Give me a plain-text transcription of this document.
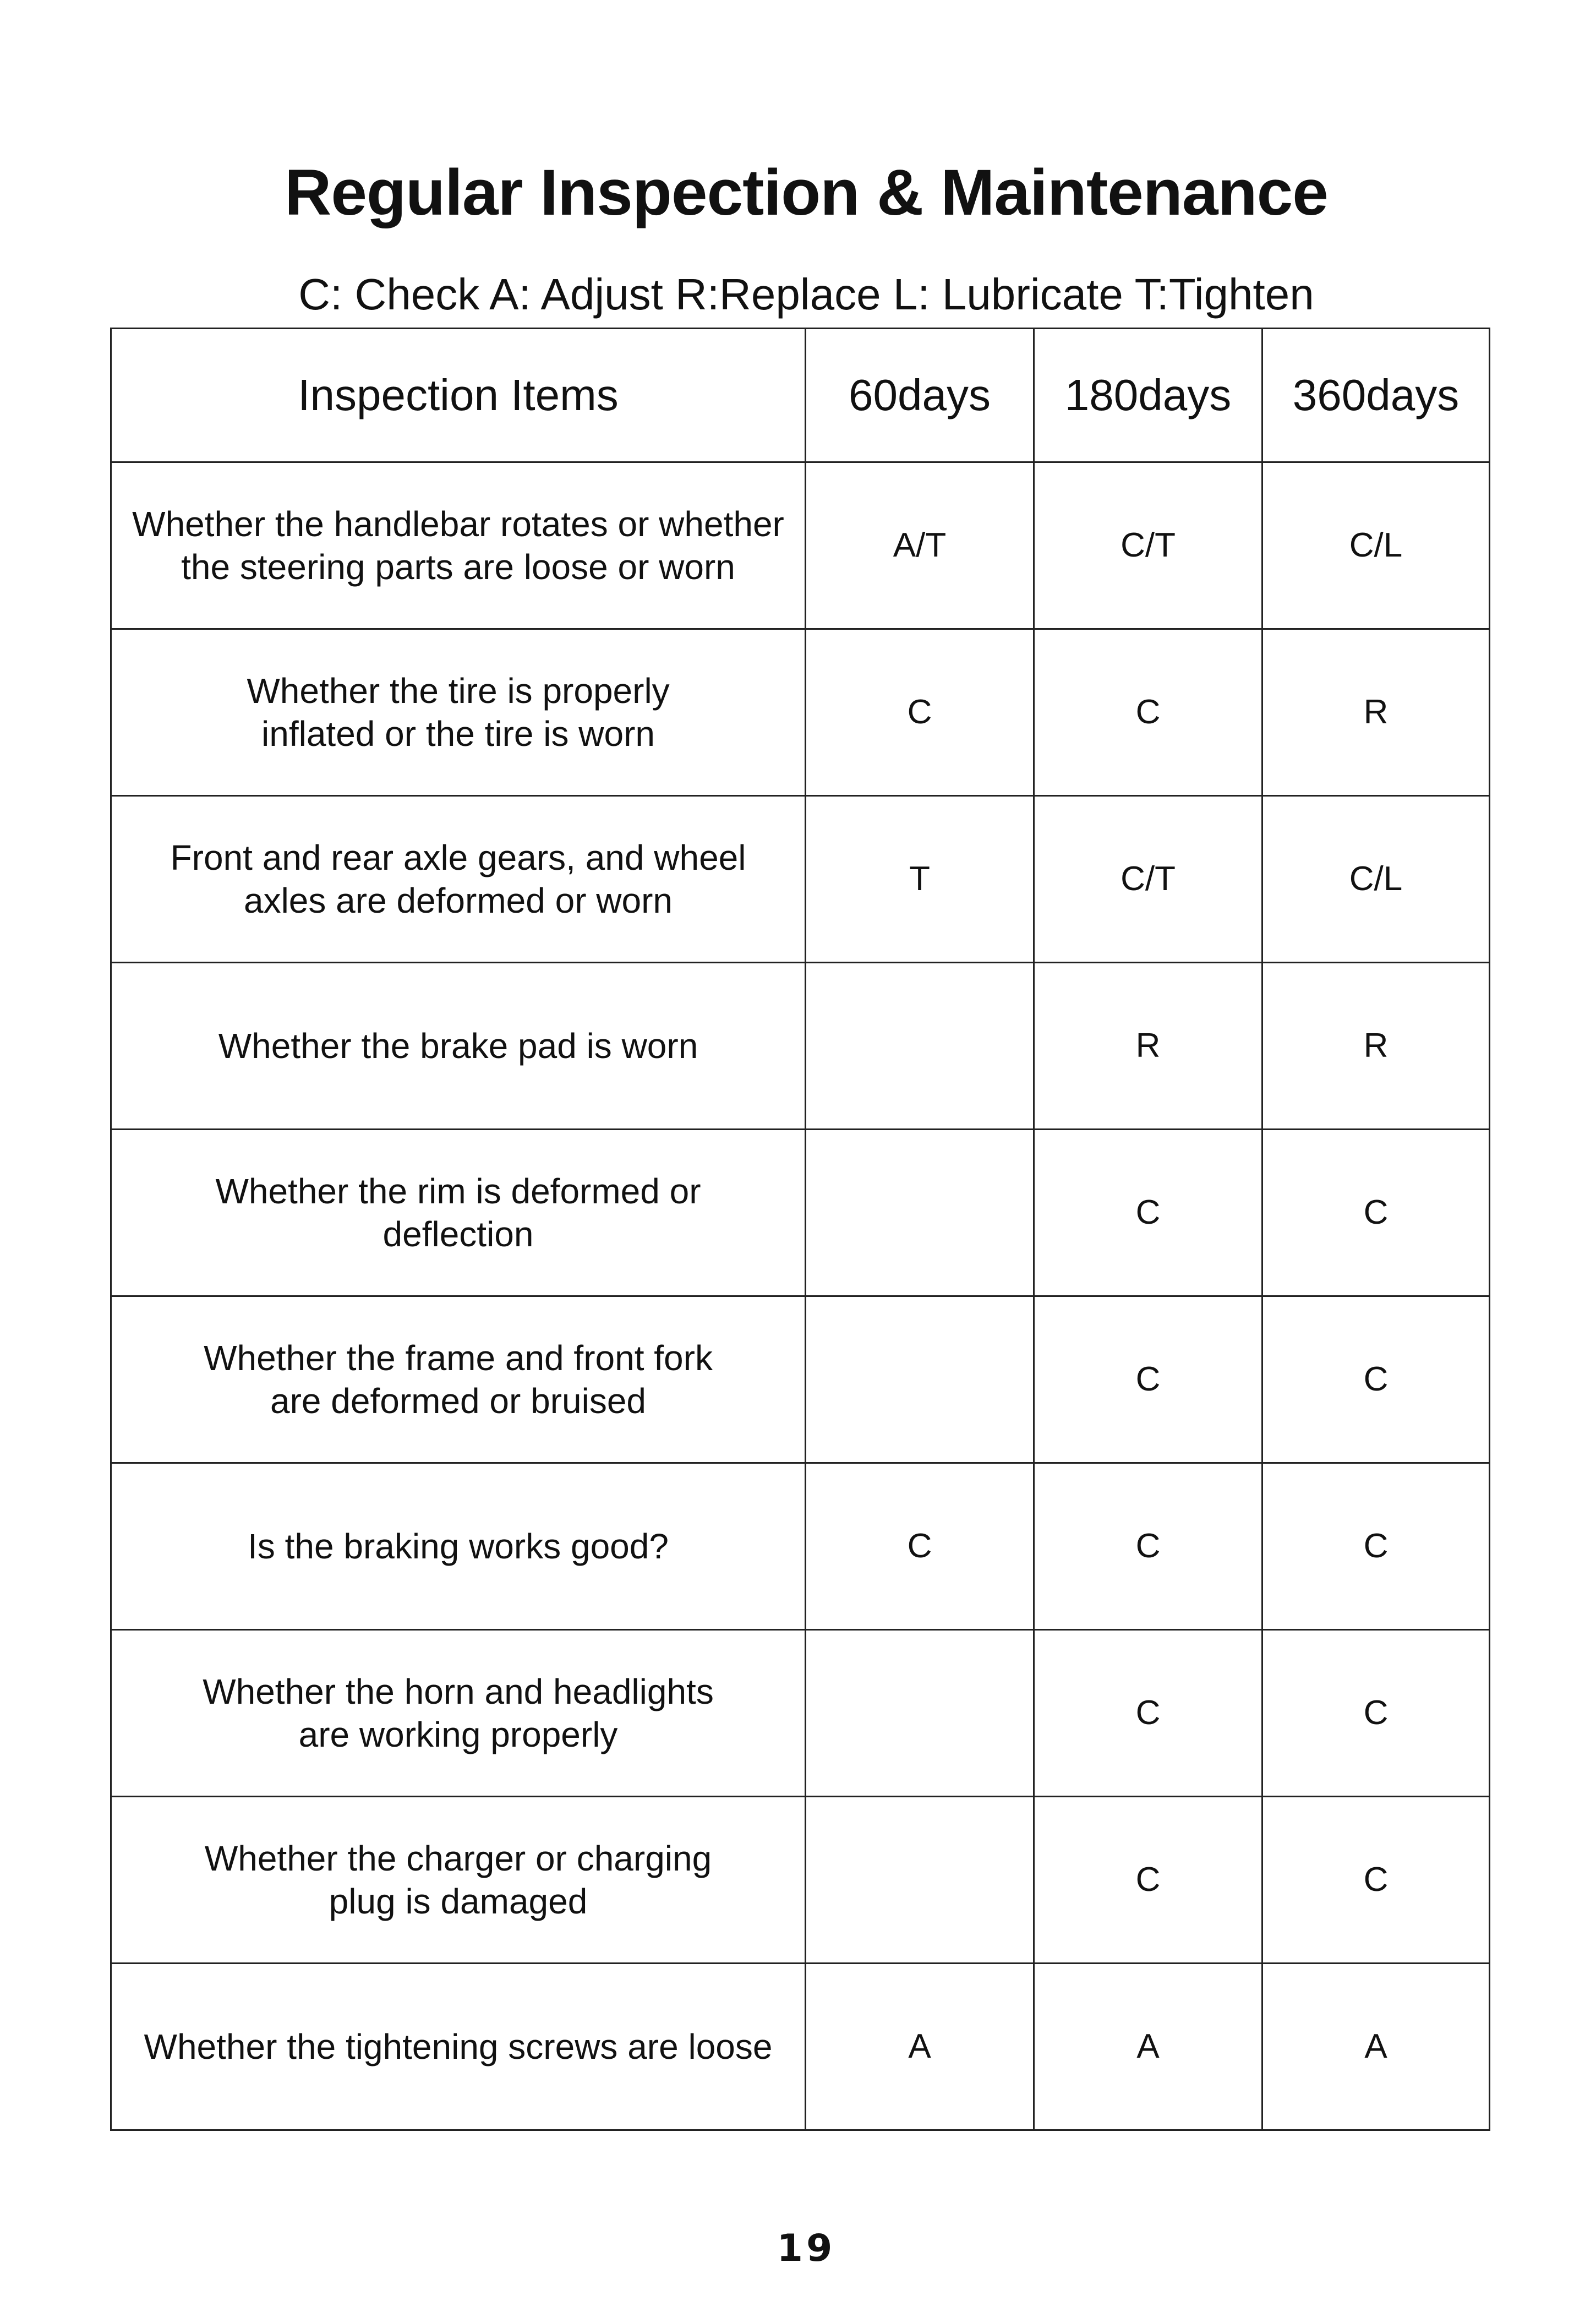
Regular Inspection & Maintenance
C: Check A: Adjust R:Replace L: Lubricate T:Tighten
Inspection Items	60days	180days	360days
Whether the handlebar rotates or whether
the steering parts are loose or worn	A/T	C/T	C/L
Whether the tire is properly
inflated or the tire is worn	C	C	R
Front and rear axle gears, and wheel
axles are deformed or worn	T	C/T	C/L
Whether the brake pad is worn		R	R
Whether the rim is deformed or
deflection		C	C
Whether the frame and front fork
are deformed or bruised		C	C
Is the braking works good?	C	C	C
Whether the horn and headlights
are working properly		C	C
Whether the charger or charging
plug is damaged		C	C
Whether the tightening screws are loose	A	A	A
19
